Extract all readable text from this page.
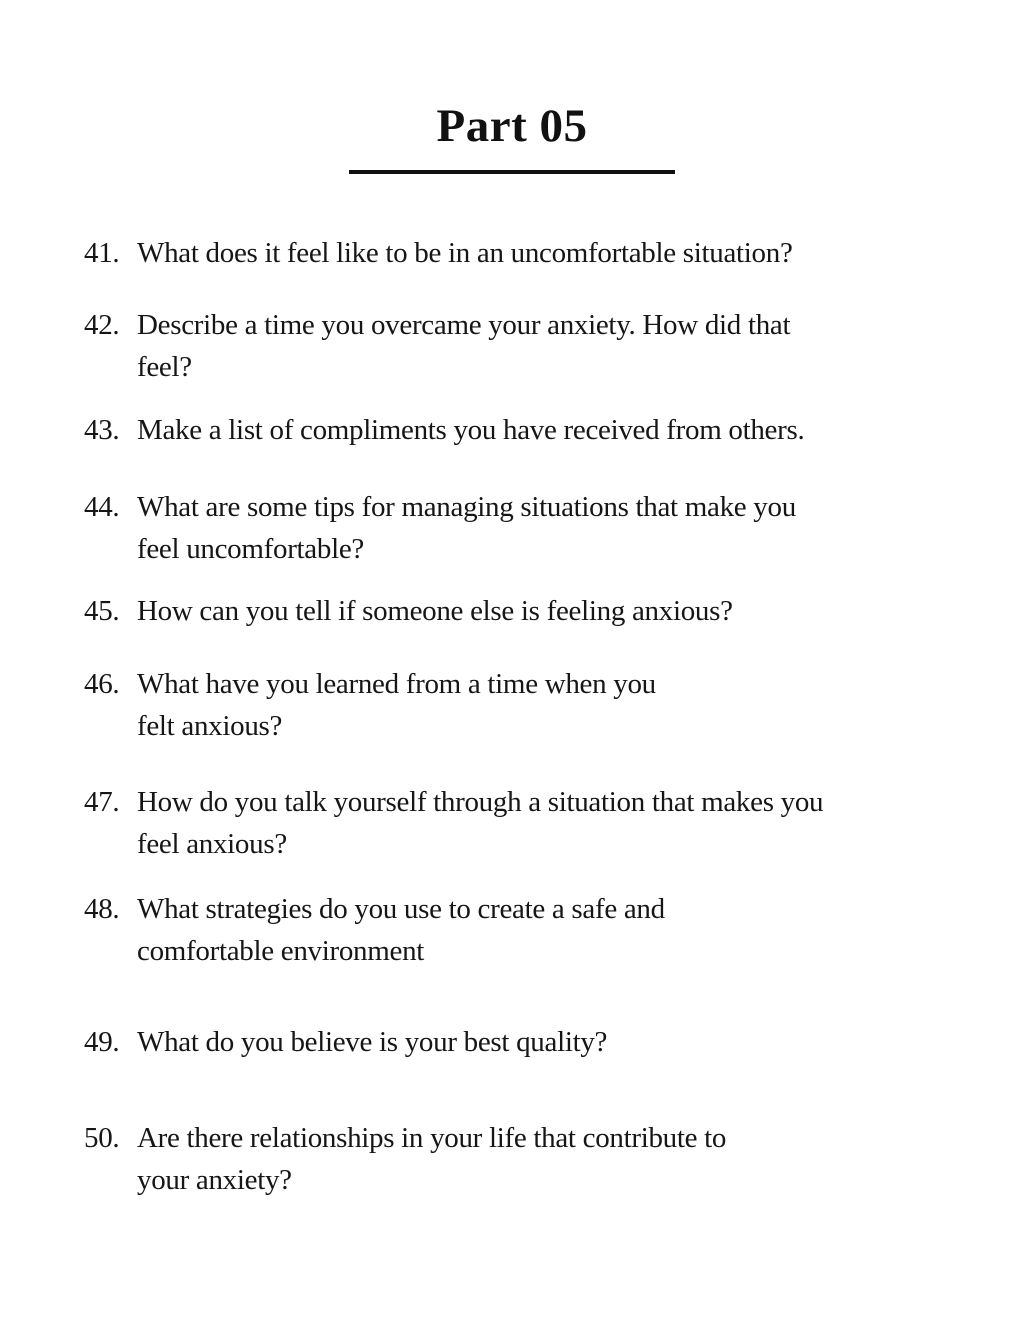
Part 05
41. What does it feel like to be in an uncomfortable situation?
42. Describe a time you overcame your anxiety. How did that
feel?
43. Make a list of compliments you have received from others.
44. What are some tips for managing situations that make you
feel uncomfortable?
45. How can you tell if someone else is feeling anxious?
46. What have you learned from a time when you
felt anxious?
47. How do you talk yourself through a situation that makes you
feel anxious?
48. What strategies do you use to create a safe and
comfortable environment
49. What do you believe is your best quality?
50. Are there relationships in your life that contribute to
your anxiety?
